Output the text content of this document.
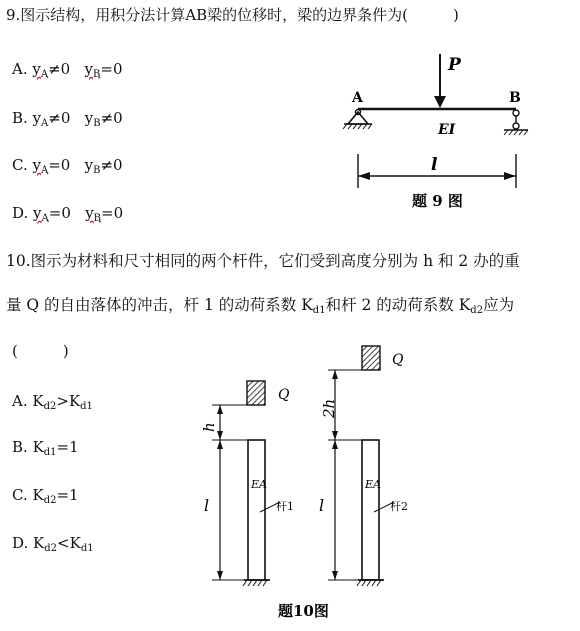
9.图示结构，用积分法计算AB梁的位移时，梁的边界条件为(　　　)
A. $y_A\ne 0$ $y_B=0$
B. $y_A\ne 0$ $y_B\ne 0$
C. $y_A=0$ $y_B\ne 0$
D. $y_A=0$ $y_B=0$
P
A	B
EI
l
题 9 图
10.图示为材料和尺寸相同的两个杆件，它们受到高度分别为 h 和 2 办的重
量 Q 的自由落体的冲击，杆 1 的动荷系数 $K_{d1}$和杆 2 的动荷系数 $K_{d2}$应为
(　　　)
A. $K_{d2}>K_{d1}$
B. $K_{d1}=1$
C. $K_{d2}=1$
D. $K_{d2}<K_{d1}$
Q
h
l
EA
杆1
Q
2h
l
EA
杆2
题10图
